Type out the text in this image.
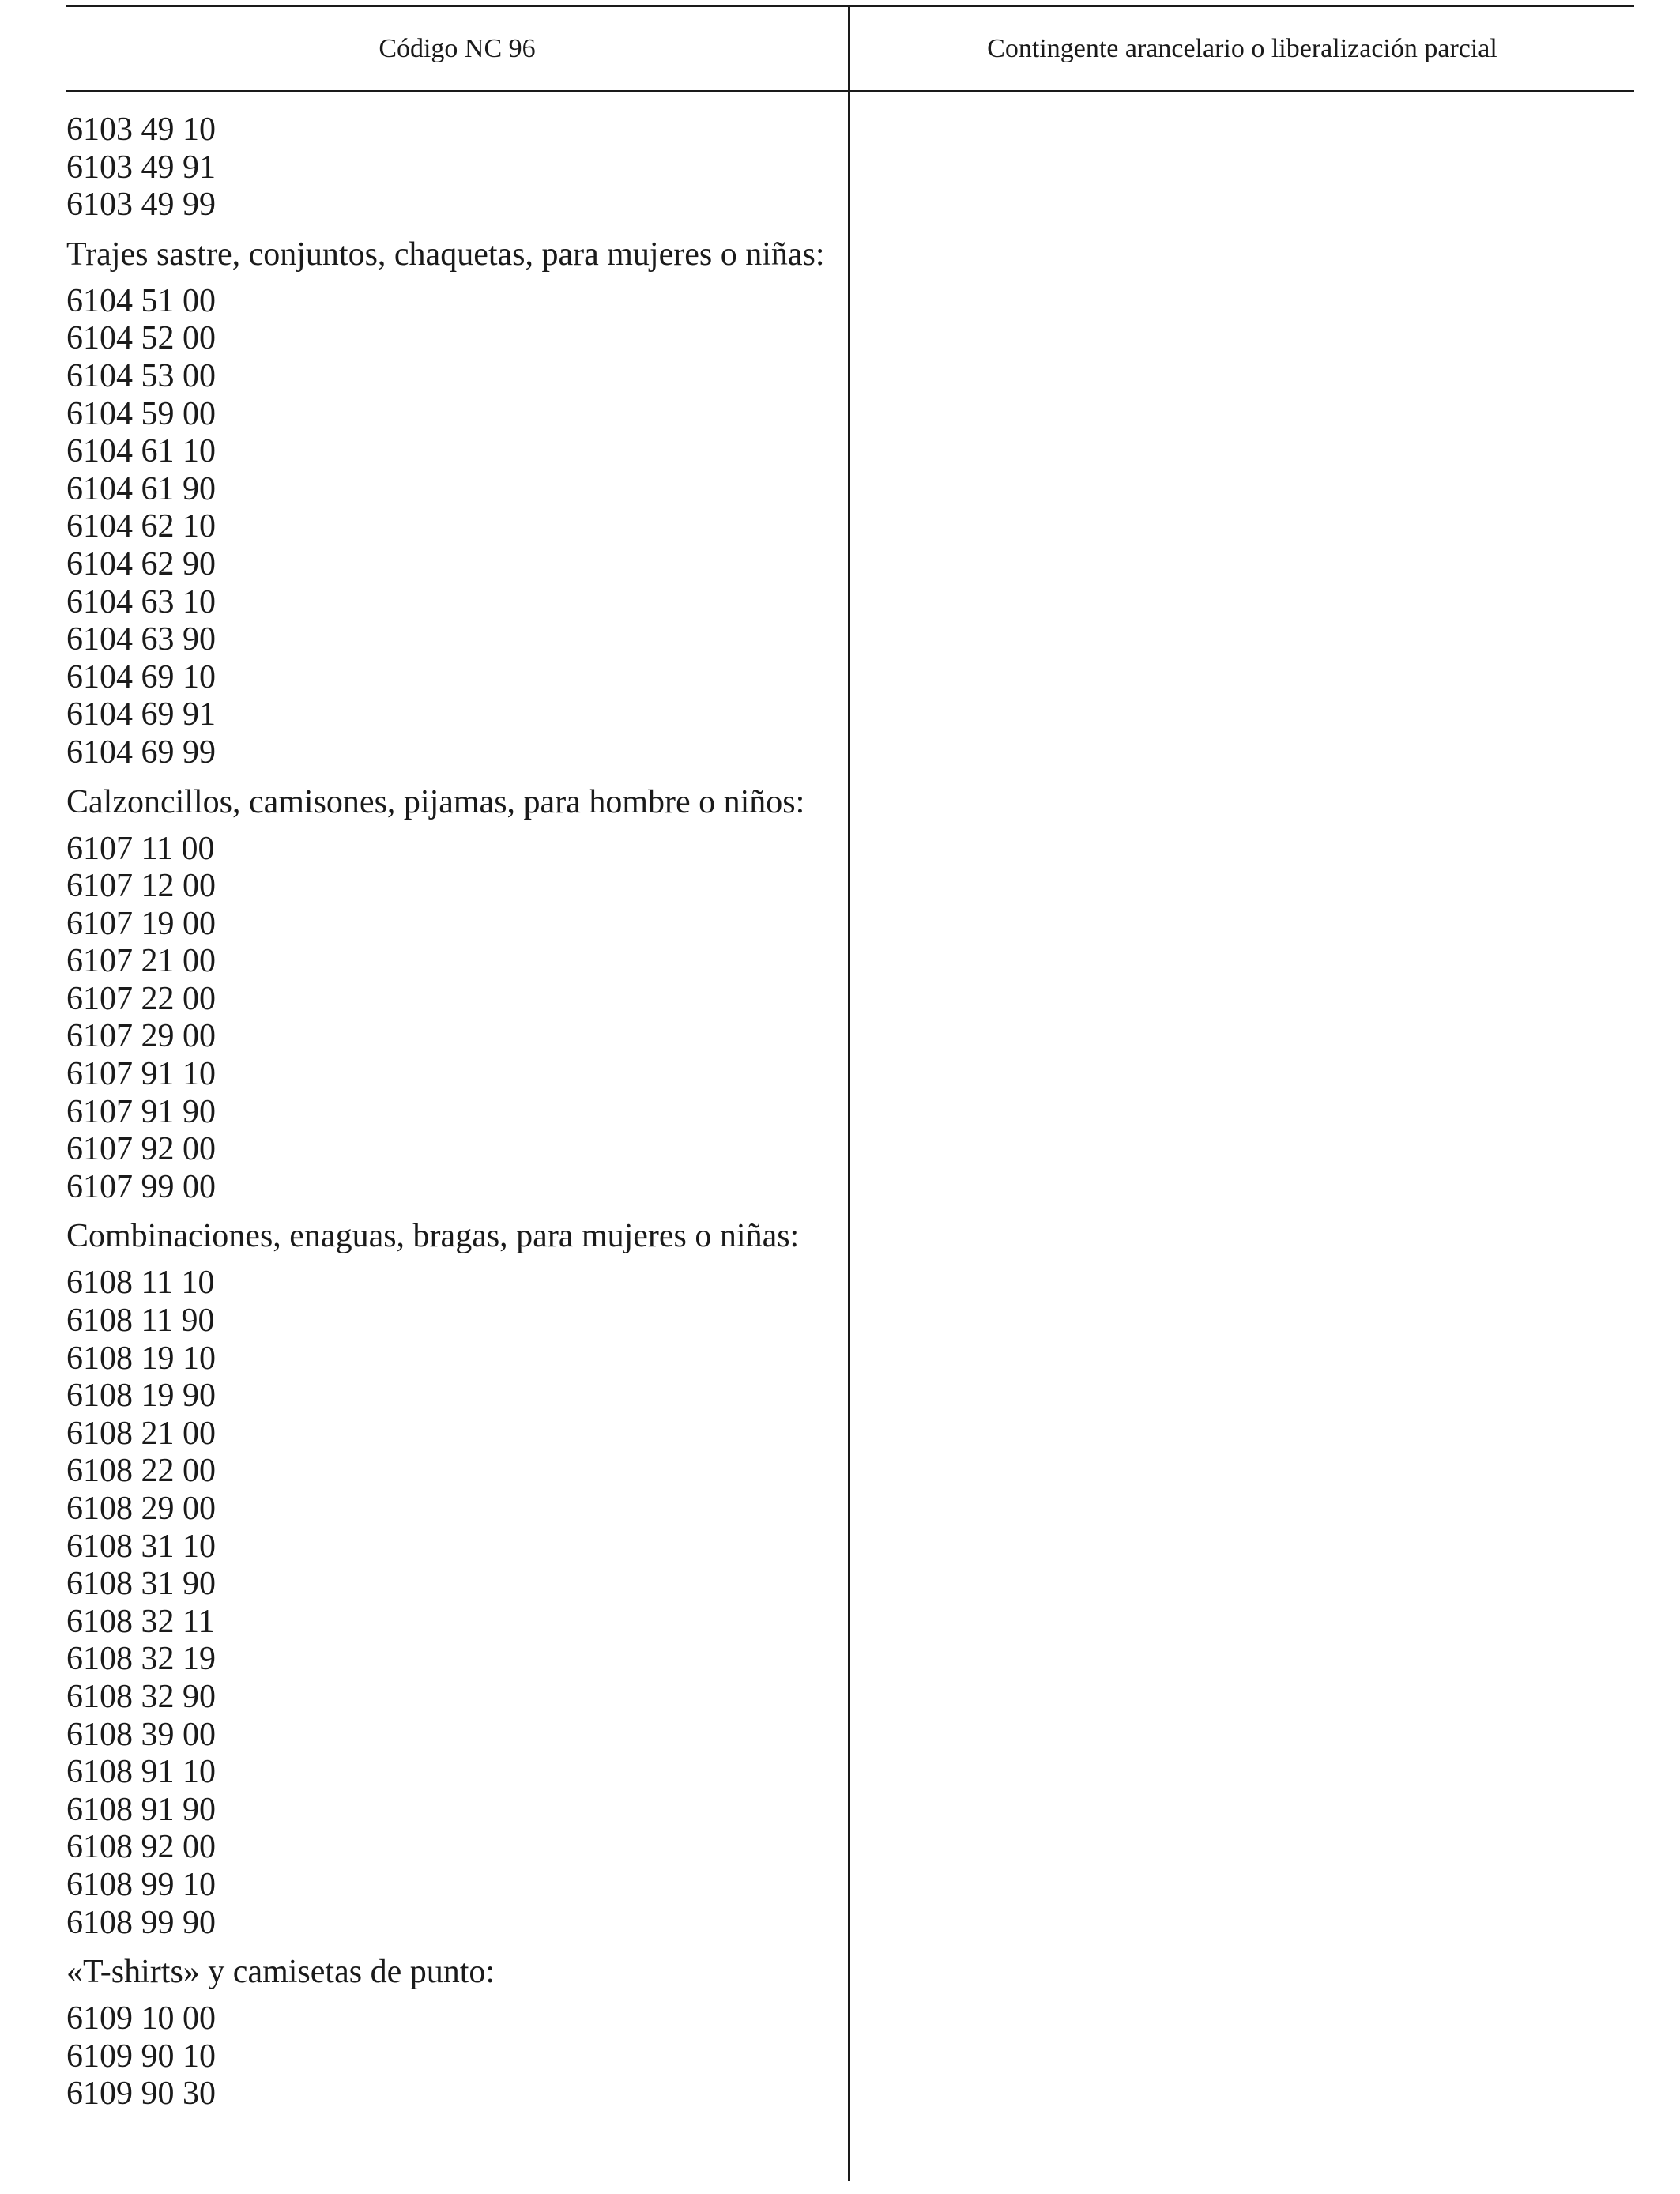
Código NC 96	Contingente arancelario o liberalización parcial
6103 49 10
6103 49 91
6103 49 99
Trajes sastre, conjuntos, chaquetas, para mujeres o niñas:
6104 51 00
6104 52 00
6104 53 00
6104 59 00
6104 61 10
6104 61 90
6104 62 10
6104 62 90
6104 63 10
6104 63 90
6104 69 10
6104 69 91
6104 69 99
Calzoncillos, camisones, pijamas, para hombre o niños:
6107 11 00
6107 12 00
6107 19 00
6107 21 00
6107 22 00
6107 29 00
6107 91 10
6107 91 90
6107 92 00
6107 99 00
Combinaciones, enaguas, bragas, para mujeres o niñas:
6108 11 10
6108 11 90
6108 19 10
6108 19 90
6108 21 00
6108 22 00
6108 29 00
6108 31 10
6108 31 90
6108 32 11
6108 32 19
6108 32 90
6108 39 00
6108 91 10
6108 91 90
6108 92 00
6108 99 10
6108 99 90
«T-shirts» y camisetas de punto:
6109 10 00
6109 90 10
6109 90 30
